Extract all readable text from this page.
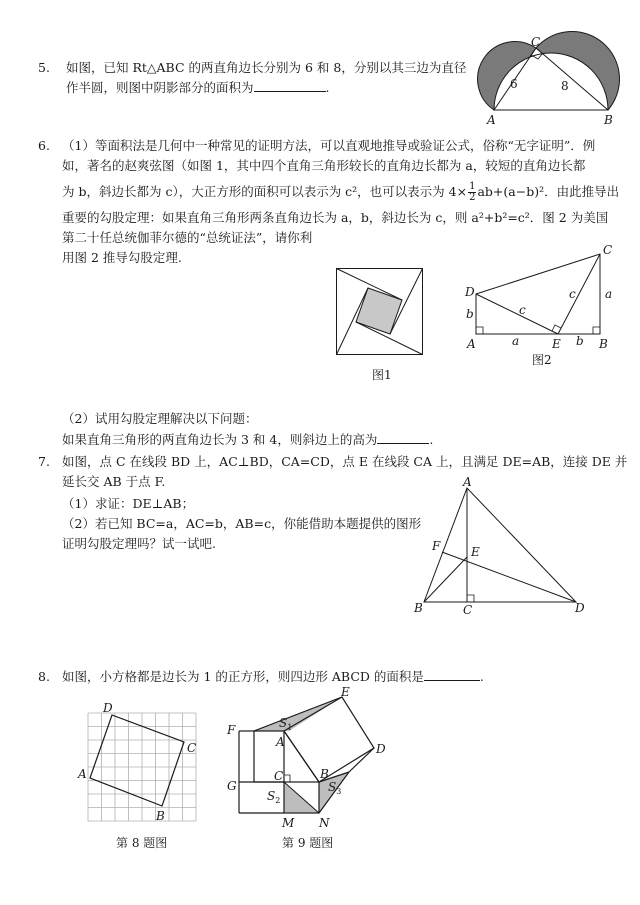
5. 如图，已知 Rt△ABC 的两直角边长分别为 6 和 8，分别以其三边为直径
作半圆，则图中阴影部分的面积为	.
C
A	B
6	8
6. （1）等面积法是几何中一种常见的证明方法，可以直观地推导或验证公式，俗称“无字证明”．例
如，著名的赵爽弦图（如图 1，其中四个直角三角形较长的直角边长都为 a，较短的直角边长都
为 b，斜边长都为 c），大正方形的面积可以表示为 c²，也可以表示为 $4\times \frac{1}{2} ab+(a-b)^2$．由此推导出
重要的勾股定理：如果直角三角形两条直角边长为 a，b，斜边长为 c，则 a²+b²=c²．图 2 为美国
第二十任总统伽菲尔德的“总统证法”，请你利
用图 2 推导勾股定理.
图1
C
D
A	E	B
a
a
b
b
c
c
图2
（2）试用勾股定理解决以下问题：
如果直角三角形的两直角边长为 3 和 4，则斜边上的高为	.
7. 如图，点 C 在线段 BD 上，AC⊥BD，CA=CD，点 E 在线段 CA 上，且满足 DE=AB，连接 DE 并
延长交 AB 于点 F.
（1）求证：DE⊥AB；
（2）若已知 BC=a，AC=b，AB=c，你能借助本题提供的图形
证明勾股定理吗？试一试吧.
A
F	E
B	C	D
8. 如图，小方格都是边长为 1 的正方形，则四边形 ABCD 的面积是	.
D
A
C
B
第 8 题图
E
F	$S_1$
A	D
C	B
G
$S_2$
$S_3$
M N
第 9 题图
